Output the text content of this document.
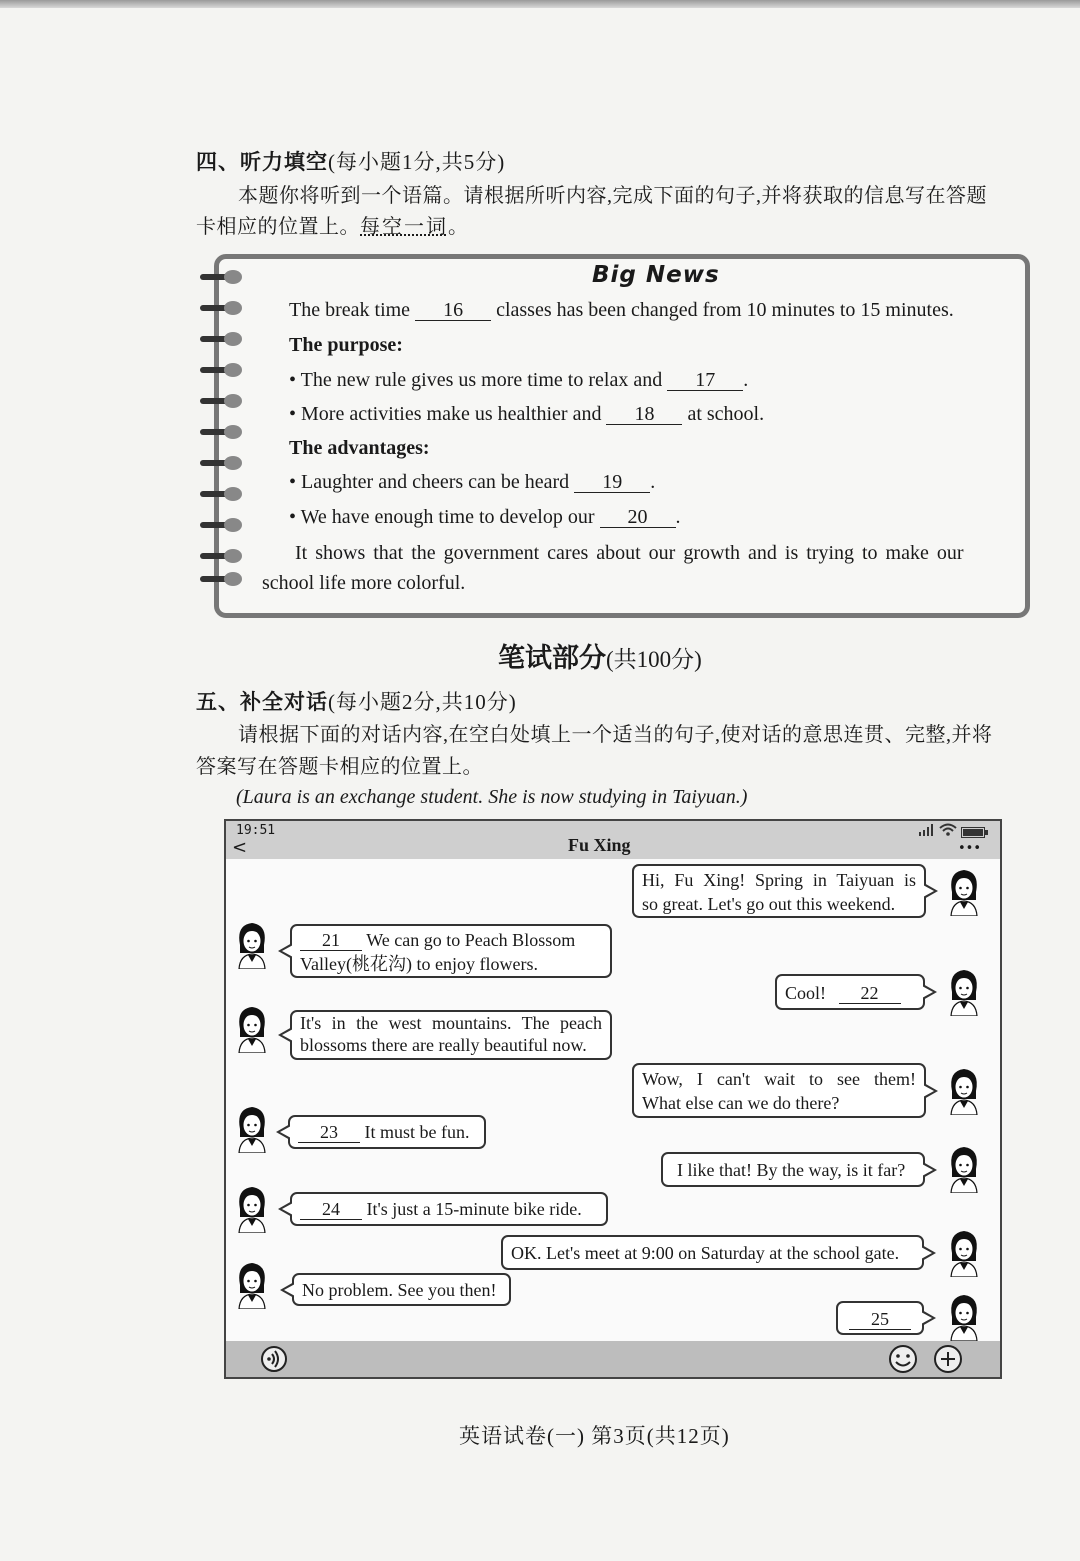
四、听力填空(每小题1分,共5分)
本题你将听到一个语篇。请根据所听内容,完成下面的句子,并将获取的信息写在答题
卡相应的位置上。每空一词。
Big News
The break time 16 classes has been changed from 10 minutes to 15 minutes.
The purpose:
• The new rule gives us more time to relax and 17 .
• More activities make us healthier and 18 at school.
The advantages:
• Laughter and cheers can be heard 19 .
• We have enough time to develop our 20 .
It shows that the government cares about our growth and is trying to make our
school life more colorful.
笔试部分(共100分)
五、补全对话(每小题2分,共10分)
请根据下面的对话内容,在空白处填上一个适当的句子,使对话的意思连贯、完整,并将
答案写在答题卡相应的位置上。
(Laura is an exchange student. She is now studying in Taiyuan.)
19:51
<	Fu Xing	•••
Hi, Fu Xing! Spring in Taiyuan is
so great. Let's go out this weekend.
21 We can go to Peach Blossom
Valley(桃花沟) to enjoy flowers.
Cool! 22
It's in the west mountains. The peach
blossoms there are really beautiful now.
Wow, I can't wait to see them!
What else can we do there?
23 It must be fun.
I like that! By the way, is it far?
24 It's just a 15-minute bike ride.
OK. Let's meet at 9:00 on Saturday at the school gate.
No problem. See you then!
25
英语试卷(一) 第3页(共12页)
